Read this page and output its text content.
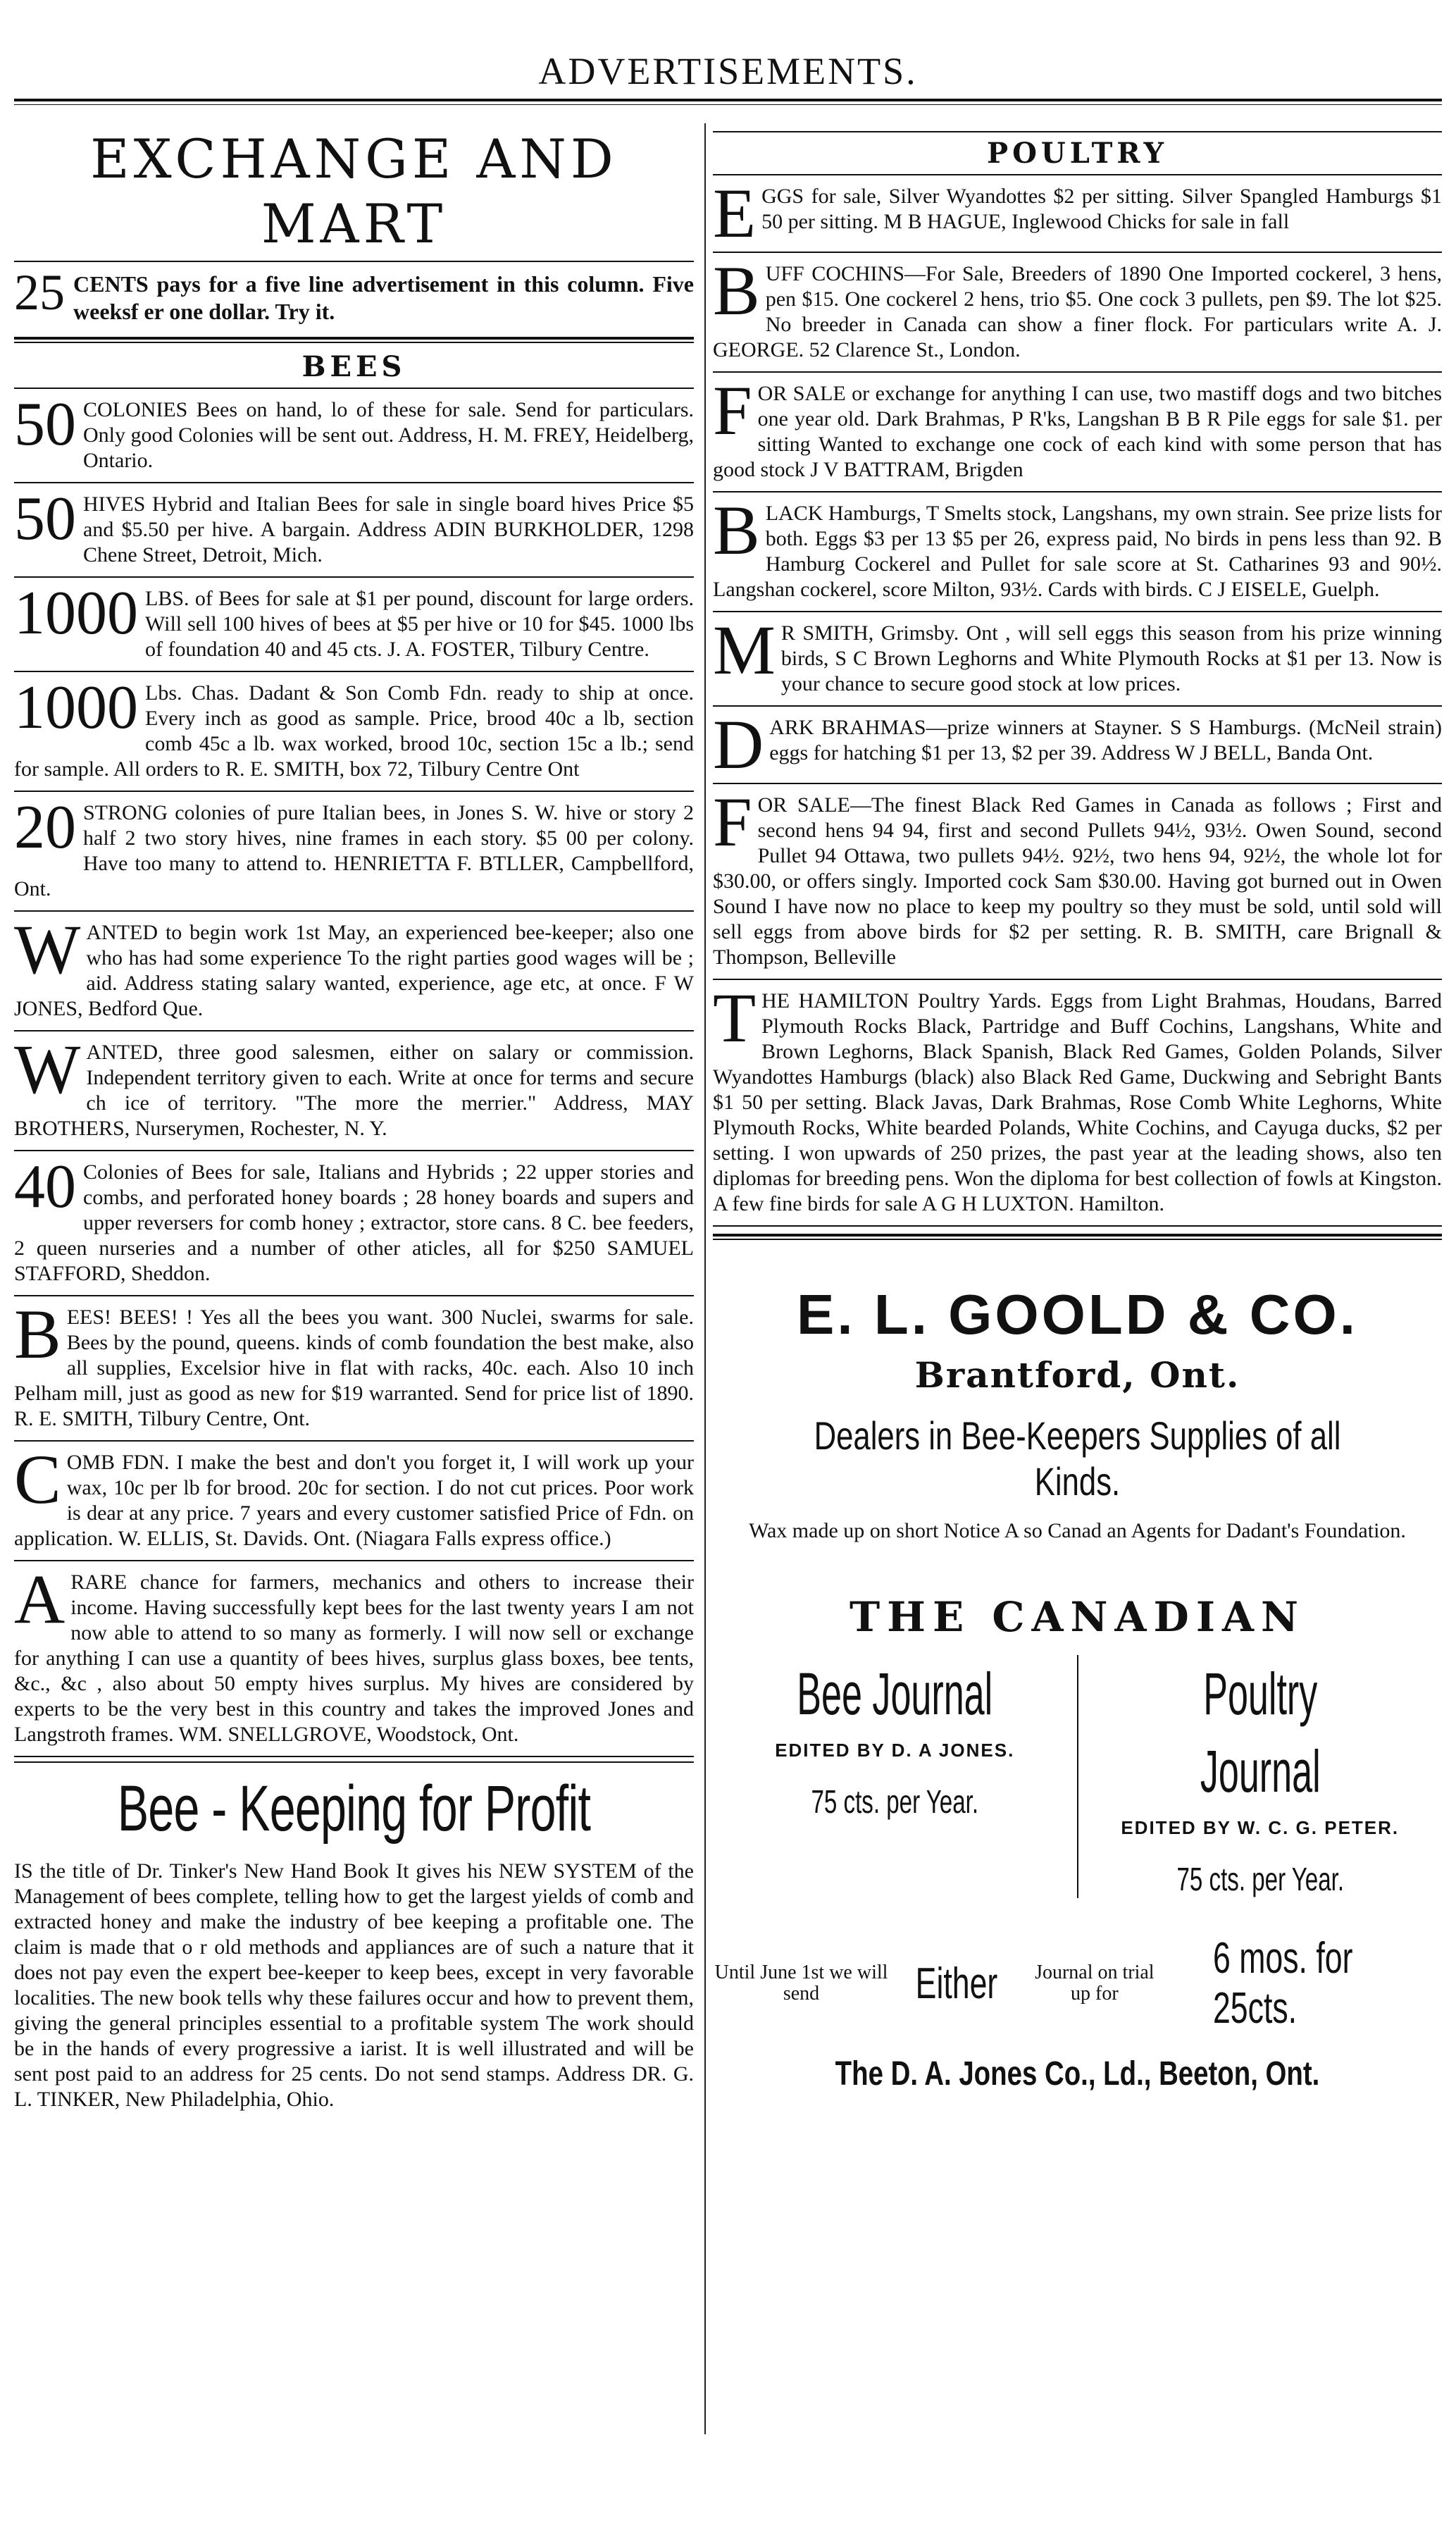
ADVERTISEMENTS.
EXCHANGE AND MART
25 CENTS pays for a five line advertisement in this column. Five weeksf er one dollar. Try it.
BEES
50 COLONIES Bees on hand, lo of these for sale. Send for particulars. Only good Colonies will be sent out. Address, H. M. FREY, Heidelberg, Ontario.
50 HIVES Hybrid and Italian Bees for sale in single board hives Price $5 and $5.50 per hive. A bargain. Address ADIN BURKHOLDER, 1298 Chene Street, Detroit, Mich.
1000 LBS. of Bees for sale at $1 per pound, discount for large orders. Will sell 100 hives of bees at $5 per hive or 10 for $45. 1000 lbs of foundation 40 and 45 cts. J. A. FOSTER, Tilbury Centre.
1000 Lbs. Chas. Dadant & Son Comb Fdn. ready to ship at once. Every inch as good as sample. Price, brood 40c a lb, section comb 45c a lb. wax worked, brood 10c, section 15c a lb.; send for sample. All orders to R. E. SMITH, box 72, Tilbury Centre Ont
20 STRONG colonies of pure Italian bees, in Jones S. W. hive or story 2 half 2 two story hives, nine frames in each story. $5 00 per colony. Have too many to attend to. HENRIETTA F. BTLLER, Campbellford, Ont.
WANTED to begin work 1st May, an experienced bee-keeper; also one who has had some experience To the right parties good wages will be ; aid. Address stating salary wanted, experience, age etc, at once. F W JONES, Bedford Que.
WANTED, three good salesmen, either on salary or commission. Independent territory given to each. Write at once for terms and secure ch ice of territory. "The more the merrier." Address, MAY BROTHERS, Nurserymen, Rochester, N. Y.
40 Colonies of Bees for sale, Italians and Hybrids ; 22 upper stories and combs, and perforated honey boards ; 28 honey boards and supers and upper reversers for comb honey ; extractor, store cans. 8 C. bee feeders, 2 queen nurseries and a number of other aticles, all for $250 SAMUEL STAFFORD, Sheddon.
BEES! BEES! ! Yes all the bees you want. 300 Nuclei, swarms for sale. Bees by the pound, queens. kinds of comb foundation the best make, also all supplies, Excelsior hive in flat with racks, 40c. each. Also 10 inch Pelham mill, just as good as new for $19 warranted. Send for price list of 1890. R. E. SMITH, Tilbury Centre, Ont.
COMB FDN. I make the best and don't you forget it, I will work up your wax, 10c per lb for brood. 20c for section. I do not cut prices. Poor work is dear at any price. 7 years and every customer satisfied Price of Fdn. on application. W. ELLIS, St. Davids. Ont. (Niagara Falls express office.)
ARARE chance for farmers, mechanics and others to increase their income. Having successfully kept bees for the last twenty years I am not now able to attend to so many as formerly. I will now sell or exchange for anything I can use a quantity of bees hives, surplus glass boxes, bee tents, &c., &c , also about 50 empty hives surplus. My hives are considered by experts to be the very best in this country and takes the improved Jones and Langstroth frames. WM. SNELLGROVE, Woodstock, Ont.
Bee - Keeping for Profit
IS the title of Dr. Tinker's New Hand Book It gives his NEW SYSTEM of the Management of bees complete, telling how to get the largest yields of comb and extracted honey and make the industry of bee keeping a profitable one. The claim is made that o r old methods and appliances are of such a nature that it does not pay even the expert bee-keeper to keep bees, except in very favorable localities. The new book tells why these failures occur and how to prevent them, giving the general principles essential to a profitable system The work should be in the hands of every progressive a iarist. It is well illustrated and will be sent post paid to an address for 25 cents. Do not send stamps. Address DR. G. L. TINKER, New Philadelphia, Ohio.
POULTRY
EGGS for sale, Silver Wyandottes $2 per sitting. Silver Spangled Hamburgs $1 50 per sitting. M B HAGUE, Inglewood Chicks for sale in fall
BUFF COCHINS—For Sale, Breeders of 1890 One Imported cockerel, 3 hens, pen $15. One cockerel 2 hens, trio $5. One cock 3 pullets, pen $9. The lot $25. No breeder in Canada can show a finer flock. For particulars write A. J. GEORGE. 52 Clarence St., London.
FOR SALE or exchange for anything I can use, two mastiff dogs and two bitches one year old. Dark Brahmas, P R'ks, Langshan B B R Pile eggs for sale $1. per sitting Wanted to exchange one cock of each kind with some person that has good stock J V BATTRAM, Brigden
BLACK Hamburgs, T Smelts stock, Langshans, my own strain. See prize lists for both. Eggs $3 per 13 $5 per 26, express paid, No birds in pens less than 92. B Hamburg Cockerel and Pullet for sale score at St. Catharines 93 and 90½. Langshan cockerel, score Milton, 93½. Cards with birds. C J EISELE, Guelph.
M R SMITH, Grimsby. Ont , will sell eggs this season from his prize winning birds, S C Brown Leghorns and White Plymouth Rocks at $1 per 13. Now is your chance to secure good stock at low prices.
DARK BRAHMAS—prize winners at Stayner. S S Hamburgs. (McNeil strain) eggs for hatching $1 per 13, $2 per 39. Address W J BELL, Banda Ont.
FOR SALE—The finest Black Red Games in Canada as follows ; First and second hens 94 94, first and second Pullets 94½, 93½. Owen Sound, second Pullet 94 Ottawa, two pullets 94½. 92½, two hens 94, 92½, the whole lot for $30.00, or offers singly. Imported cock Sam $30.00. Having got burned out in Owen Sound I have now no place to keep my poultry so they must be sold, until sold will sell eggs from above birds for $2 per setting. R. B. SMITH, care Brignall & Thompson, Belleville
THE HAMILTON Poultry Yards. Eggs from Light Brahmas, Houdans, Barred Plymouth Rocks Black, Partridge and Buff Cochins, Langshans, White and Brown Leghorns, Black Spanish, Black Red Games, Golden Polands, Silver Wyandottes Hamburgs (black) also Black Red Game, Duckwing and Sebright Bants $1 50 per setting. Black Javas, Dark Brahmas, Rose Comb White Leghorns, White Plymouth Rocks, White bearded Polands, White Cochins, and Cayuga ducks, $2 per setting. I won upwards of 250 prizes, the past year at the leading shows, also ten diplomas for breeding pens. Won the diploma for best collection of fowls at Kingston. A few fine birds for sale A G H LUXTON. Hamilton.
E. L. GOOLD & CO.
Brantford, Ont.
Dealers in Bee-Keepers Supplies of all Kinds.
Wax made up on short Notice A so Canad an Agents for Dadant's Foundation.
THE CANADIAN
Bee Journal
EDITED BY D. A JONES.
75 cts. per Year.
Poultry Journal
EDITED BY W. C. G. PETER.
75 cts. per Year.
Until June 1st we will send	Either	Journal on trial up for
6 mos. for 25cts.
The D. A. Jones Co., Ld., Beeton, Ont.
